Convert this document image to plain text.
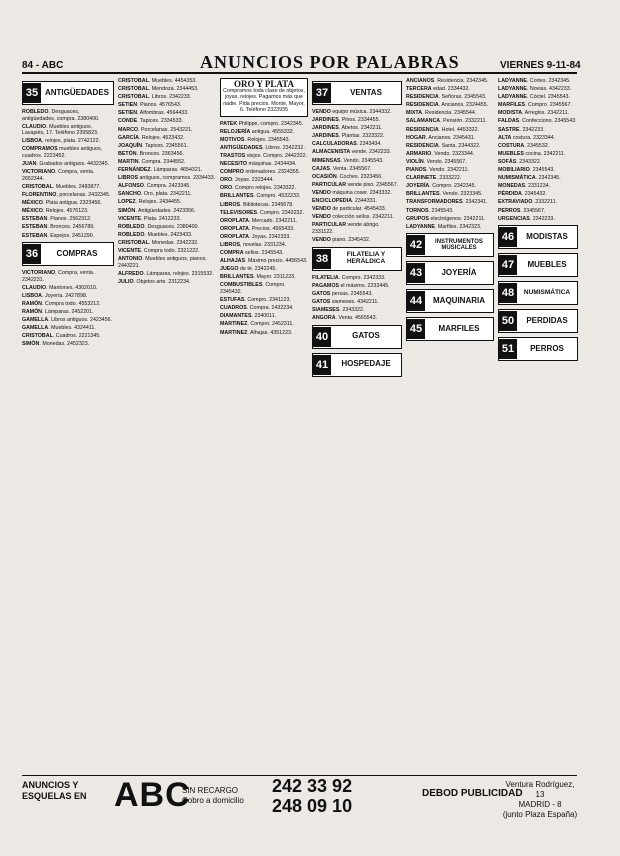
84 - ABC	ANUNCIOS POR PALABRAS	VIERNES 9-11-84
35 ANTIGÜEDADES

ROBLEDO. Desguaces, antigüedades, compra. 2380400.

CLAUDIO. Muebles antiguos. Lavapiés, 17. Teléfono 2395823.

LISBOA, relojes, plata. 2742122.

COMPRAMOS muebles antiguos, cuadros. 2223452.

JUAN. Grabados antiguos. 4432345.

VICTORIANO. Compra, venta. 2652344.

CRISTOBAL. Muebles. 2483877.

FLORENTINO, porcelanas. 2432345.

MÉXICO. Plata antigua. 2323456.

MÉXICO. Relojes. 4576123.

ESTEBAN. Pianos. 2562312.

ESTEBAN. Bronces. 2456789.

ESTEBAN. Espejos. 2451290.

36	COMPRAS

VICTORIANO. Compra, venta. 2342231.

CLAUDIO. Mantones. 4302010.

LISBOA. Joyería. 2427898.

RAMÓN. Compra todo. 4553212.

RAMÓN. Lámparas. 2452201.

GAMELLA. Libros antiguos. 2423456.

GAMELLA. Muebles. 4324411.

CRISTOBAL. Cuadros. 2221345.

SIMÓN. Monedas. 2452323.

CRISTOBAL. Muebles. 4454353.

CRISTOBAL. Mendoza. 2344453.

CRISTOBAL. Libros. 2342233.

SETIEN. Pianos. 4576543.

SETIEN. Alfombras. 4564433.

CONDE. Tapices. 2334533.

MARCO. Porcelanas. 2543221.

GARCÍA. Relojes. 4523432.

JOAQUÍN. Tapices. 2345561.

BETÓN. Bronces. 2363456.

MARTIN. Compra. 2344552.

FERNÁNDEZ. Lámparas. 4654321.

LIBROS antiguos, compramos. 2334433.

ALFONSO. Compra. 2423345.

SANCHO. Oro, plata. 2342211.

LOPEZ. Relojes. 2434455.

SIMÓN. Antigüedades. 2423356.

VICENTE. Plata. 2412233.

ROBLEDO. Desguaces. 2380400.

ROBLEDO. Muebles. 2423433.

CRISTOBAL. Monedas. 2342232.

VICENTE. Compra todo. 2321222.

ANTONIO. Muebles antiguos, pianos. 2443221.

ALFREDO. Lámparas, relojes. 2315532.

JULIO. Objetos arte. 2312234.

ORO Y PLATA
Compramos toda clase de objetos, joyas, relojes. Pagamos más que nadie. Pida precios. Monte, Mayor, 6. Teléfono 2323935

PATEK Philippe, compro. 2342345.

RELOJERÍA antigua. 4555332.

MOTIVOS. Relojes. 2345543.

ANTIGÜEDADES. Libros. 2342232.

TRASTOS viejos. Compro. 2442322.

NECESITO máquinas. 2434434.

COMPRO ordenadores. 2324355.

ORO. Joyas. 2323444.

ORO. Compro relojes. 2343322.

BRILLANTES. Compro. 4532233.

LIBROS. Bibliotecas. 2345678.

TELEVISORES. Compro. 2343232.

OROPLATA. Mercado. 2342211.

OROPLATA. Precios. 4565433.

OROPLATA. Joyas. 2342333.

LIBROS, novelas. 2331234.

COMPRA sellos. 2345543.

ALHAJAS. Máximo precio. 4456543.

JUEGO de té. 2342245.

BRILLANTES. Mayor. 2311223.

COMBUSTIBLES. Compro. 2345432.

ESTUFAS. Compro. 2341123.

CUADROS. Compra. 2432234.

DIAMANTES. 2340011.

MARTINEZ. Compro. 2452311.

MARTINEZ. Alhajas. 4351223.

37	VENTAS

VENDO equipo música. 2344332.

JARDINES. Pinos. 2334455.

JARDINES. Abetos. 2342211.

JARDINES. Plantas. 2323322.

CALCULADORAS. 2343434.

ALMACENISTA vende. 2342233.

MIMENSAS. Vendo. 2345543.

CAJAS. Venta. 2345567.

OCASIÓN. Coches. 2323456.

PARTICULAR vende piso. 2345567.

VENDO máquina coser. 2343332.

ENCICLOPEDIA. 2344331.

VENDO de particular. 4545433.

VENDO colección sellos. 2342211.

PARTICULAR vende abrigo. 2331122.

VENDO piano. 2345432.

38	FILATELIA Y HERÁLDICA

FILATELIA. Compro. 2342333.

PAGAMOS el máximo. 2233445.

GATOS persas. 2345543.

GATOS siameses. 4342211.

SIAMESES. 2343322.

ANGORA. Venta. 4565543.

40	GATOS
41	HOSPEDAJE

ANCIANOS. Residencia. 2342345.

TERCERA edad. 2334432.

RESIDENCIA. Señoras. 2345543.

RESIDENCIA. Ancianos. 2324455.

MIXTA. Residencia. 2345544.

SALAMANCA. Pensión. 2332211.

RESIDENCIA. Hotel. 4453322.

HOGAR. Ancianos. 2345431.

RESIDENCIA. Santa. 2344322.

ARMARIO. Vendo. 2323344.

VIOLÍN. Vendo. 2345567.

PIANOS. Vendo. 2342211.

CLARINETE. 2333222.

JOYERÍA. Compro. 2342345.

BRILLANTES. Vendo. 2323345.

TRANSFORMADORES. 2342341.

TORNOS. 2345543.

GRUPOS electrógenos. 2342211.

LADYANNE. Marfiles. 2342323.

42	INSTRUMENTOS MUSICALES
43	JOYERÍA
44	MAQUINARIA
45	MARFILES

LADYANNE. Cortes. 2342345.

LADYANNE. Novias. 4342233.

LADYANNE. Cóctel. 2345543.

MARFILES. Compro. 2345567.

MODISTA. Arreglos. 2342211.

FALDAS. Confecciono. 2345543.

SASTRE. 2342233.

ALTA costura. 2323344.

COSTURA. 2345532.

MUEBLES cocina. 2342211.

SOFÁS. 2343322.

MOBILIARIO. 2345543.

NUMISMÁTICA. 2342345.

MONEDAS. 2331234.

PÉRDIDA. 2345432.

EXTRAVIADO. 2332211.

PERROS. 2345567.

URGENCIAS. 2342233.

46	MODISTAS
47	MUEBLES
48	NUMISMÁTICA
50	PERDIDAS
51	PERROS
ANUNCIOS Y
ESQUELAS EN ABC
SIN RECARGO
Cobro a domicilio
242 33 92
248 09 10
DEBOD PUBLICIDAD
Ventura Rodríguez, 13
MADRID - 8
(junto Plaza España)
